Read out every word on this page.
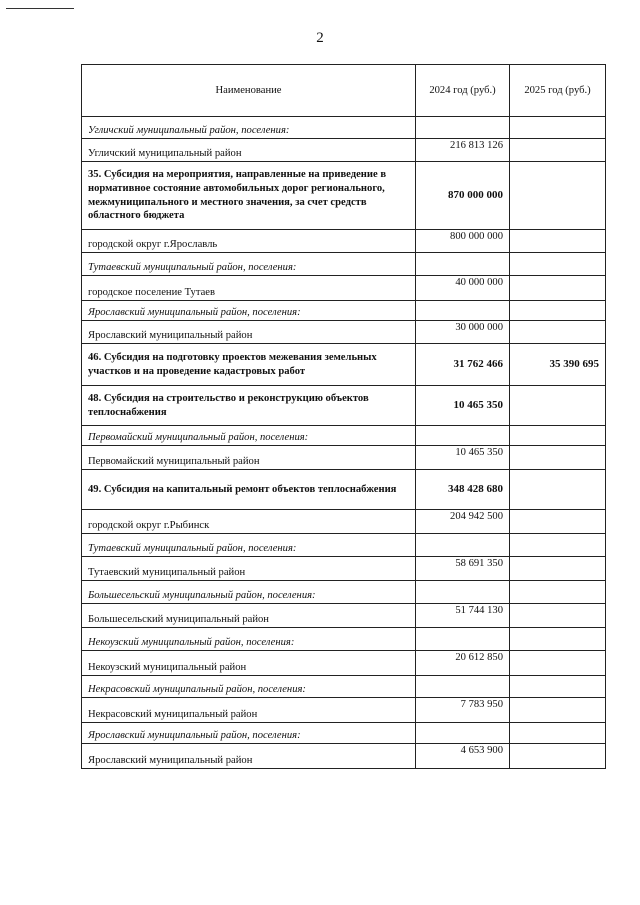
2
Наименование	2024 год (руб.)	2025 год (руб.)
Угличский муниципальный район, поселения:		
Угличский муниципальный район	216 813 126	
35. Субсидия на мероприятия, направленные на приведение в нормативное состояние автомобильных дорог регионального, межмуниципального и местного значения, за счет средств областного бюджета	870 000 000	
городской округ г.Ярославль	800 000 000	
Тутаевский муниципальный район, поселения:		
городское поселение Тутаев	40 000 000	
Ярославский муниципальный район, поселения:		
Ярославский муниципальный район	30 000 000	
46. Субсидия на подготовку проектов межевания земельных участков и на проведение кадастровых работ	31 762 466	35 390 695
48. Субсидия на строительство и реконструкцию объектов теплоснабжения	10 465 350	
Первомайский муниципальный район, поселения:		
Первомайский муниципальный район	10 465 350	
49. Субсидия на капитальный ремонт объектов теплоснабжения	348 428 680	
городской округ г.Рыбинск	204 942 500	
Тутаевский муниципальный район, поселения:		
Тутаевский муниципальный район	58 691 350	
Большесельский муниципальный район, поселения:		
Большесельский муниципальный район	51 744 130	
Некоузский муниципальный район, поселения:		
Некоузский муниципальный район	20 612 850	
Некрасовский муниципальный район, поселения:		
Некрасовский муниципальный район	7 783 950	
Ярославский муниципальный район, поселения:		
Ярославский муниципальный район	4 653 900	
